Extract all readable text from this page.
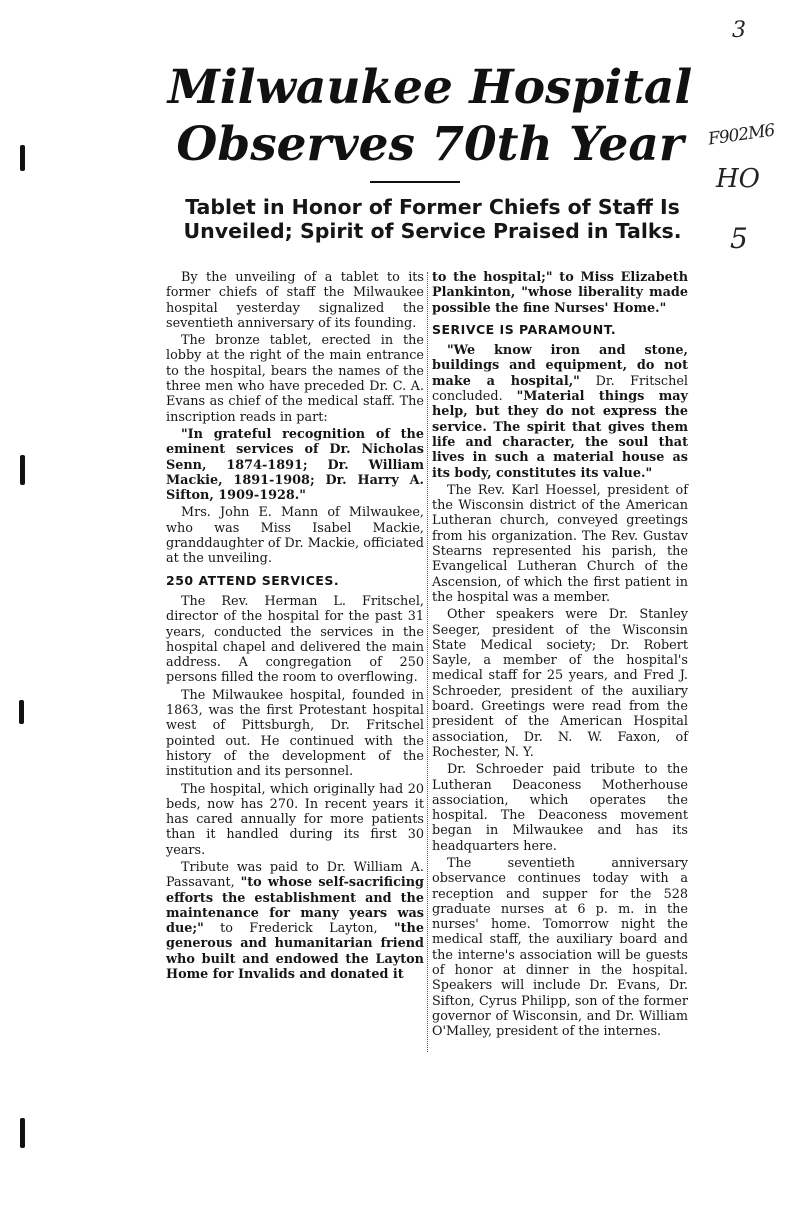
3
F902M6
HO
5
Milwaukee Hospital
Observes 70th Year
Tablet in Honor of Former Chiefs of Staff Is Unveiled; Spirit of Service Praised in Talks.

By the unveiling of a tablet to its former chiefs of staff the Milwaukee hospital yesterday signalized the seventieth anniversary of its founding.

The bronze tablet, erected in the lobby at the right of the main entrance to the hospital, bears the names of the three men who have preceded Dr. C. A. Evans as chief of the medical staff. The inscription reads in part:

"In grateful recognition of the eminent services of Dr. Nicholas Senn, 1874-1891; Dr. William Mackie, 1891-1908; Dr. Harry A. Sifton, 1909-1928."

Mrs. John E. Mann of Milwaukee, who was Miss Isabel Mackie, granddaughter of Dr. Mackie, officiated at the unveiling.

250 ATTEND SERVICES.

The Rev. Herman L. Fritschel, director of the hospital for the past 31 years, conducted the services in the hospital chapel and delivered the main address. A congregation of 250 persons filled the room to overflowing.

The Milwaukee hospital, founded in 1863, was the first Protestant hospital west of Pittsburgh, Dr. Fritschel pointed out. He continued with the history of the development of the institution and its personnel.

The hospital, which originally had 20 beds, now has 270. In recent years it has cared annually for more patients than it handled during its first 30 years.

Tribute was paid to Dr. William A. Passavant, "to whose self-sacrificing efforts the establishment and the maintenance for many years was due;" to Frederick Layton, "the generous and humanitarian friend who built and endowed the Layton Home for Invalids and donated it

to the hospital;" to Miss Elizabeth Plankinton, "whose liberality made possible the fine Nurses' Home."

SERIVCE IS PARAMOUNT.

"We know iron and stone, buildings and equipment, do not make a hospital," Dr. Fritschel concluded. "Material things may help, but they do not express the service. The spirit that gives them life and character, the soul that lives in such a material house as its body, constitutes its value."

The Rev. Karl Hoessel, president of the Wisconsin district of the American Lutheran church, conveyed greetings from his organization. The Rev. Gustav Stearns represented his parish, the Evangelical Lutheran Church of the Ascension, of which the first patient in the hospital was a member.

Other speakers were Dr. Stanley Seeger, president of the Wisconsin State Medical society; Dr. Robert Sayle, a member of the hospital's medical staff for 25 years, and Fred J. Schroeder, president of the auxiliary board. Greetings were read from the president of the American Hospital association, Dr. N. W. Faxon, of Rochester, N. Y.

Dr. Schroeder paid tribute to the Lutheran Deaconess Motherhouse association, which operates the hospital. The Deaconess movement began in Milwaukee and has its headquarters here.

The seventieth anniversary observance continues today with a reception and supper for the 528 graduate nurses at 6 p. m. in the nurses' home. Tomorrow night the medical staff, the auxiliary board and the interne's association will be guests of honor at dinner in the hospital. Speakers will include Dr. Evans, Dr. Sifton, Cyrus Philipp, son of the former governor of Wisconsin, and Dr. William O'Malley, president of the internes.
